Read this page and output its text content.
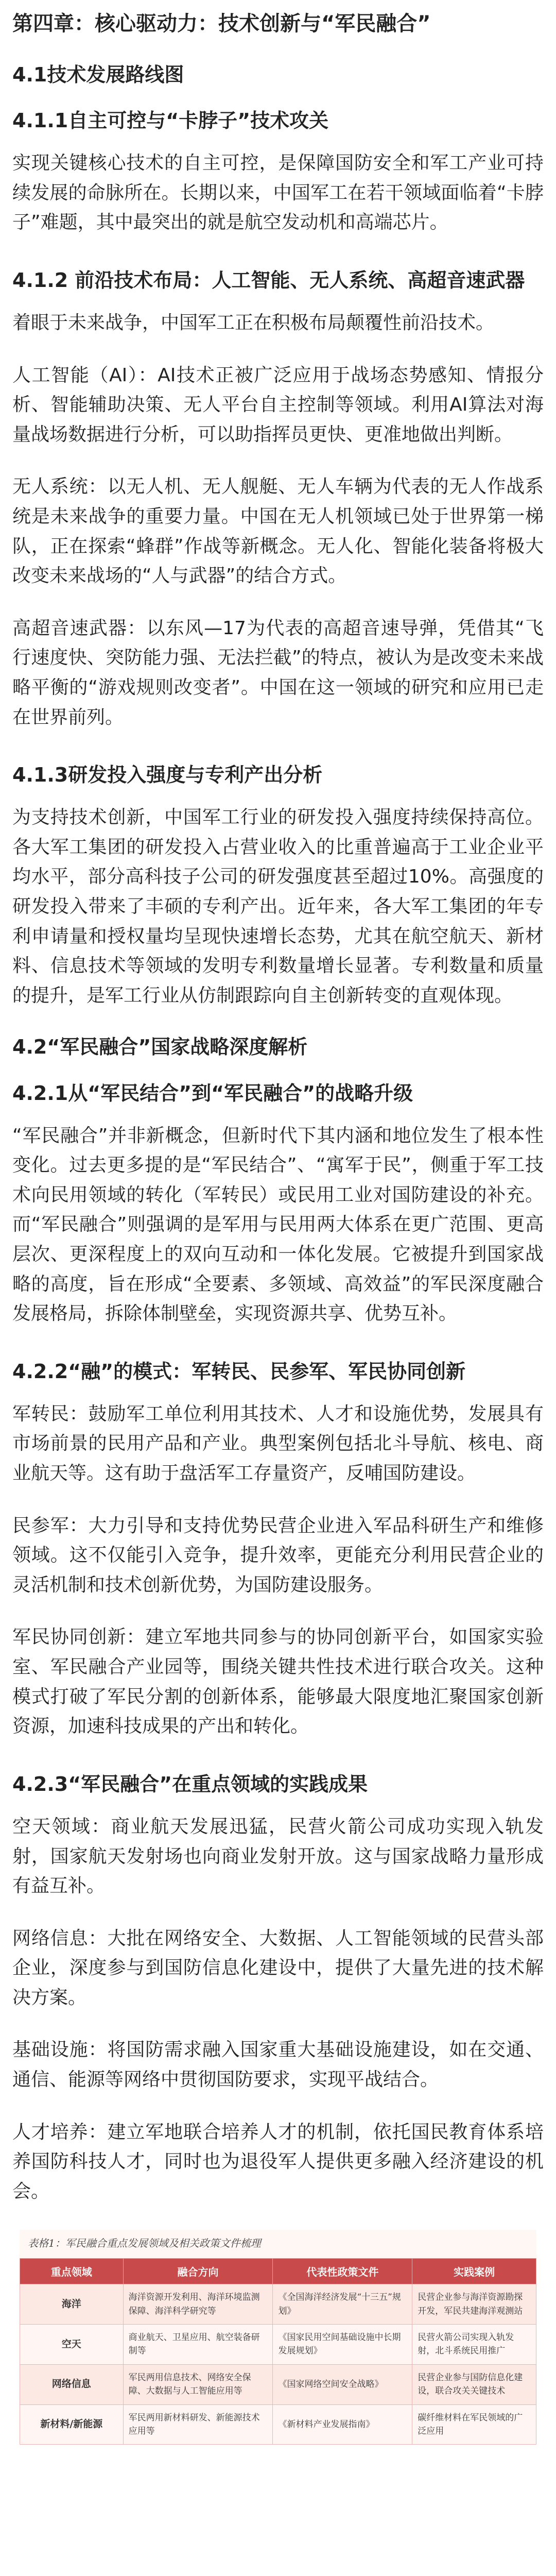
第四章：核心驱动力：技术创新与“军民融合”
4.1技术发展路线图
4.1.1自主可控与“卡脖子”技术攻关

实现关键核心技术的自主可控，是保障国防安全和军工产业可持续发展的命脉所在。长期以来，中国军工在若干领域面临着“卡脖子”难题，其中最突出的就是航空发动机和高端芯片。

4.1.2 前沿技术布局：人工智能、无人系统、高超音速武器

着眼于未来战争，中国军工正在积极布局颠覆性前沿技术。

人工智能（AI）：AI技术正被广泛应用于战场态势感知、情报分析、智能辅助决策、无人平台自主控制等领域。利用AI算法对海量战场数据进行分析，可以助指挥员更快、更准地做出判断。

无人系统：以无人机、无人舰艇、无人车辆为代表的无人作战系统是未来战争的重要力量。中国在无人机领域已处于世界第一梯队，正在探索“蜂群”作战等新概念。无人化、智能化装备将极大改变未来战场的“人与武器”的结合方式。

高超音速武器：以东风—17为代表的高超音速导弹，凭借其“飞行速度快、突防能力强、无法拦截”的特点，被认为是改变未来战略平衡的“游戏规则改变者”。中国在这一领域的研究和应用已走在世界前列。

4.1.3研发投入强度与专利产出分析

为支持技术创新，中国军工行业的研发投入强度持续保持高位。各大军工集团的研发投入占营业收入的比重普遍高于工业企业平均水平，部分高科技子公司的研发强度甚至超过10%。高强度的研发投入带来了丰硕的专利产出。近年来，各大军工集团的年专利申请量和授权量均呈现快速增长态势，尤其在航空航天、新材料、信息技术等领域的发明专利数量增长显著。专利数量和质量的提升，是军工行业从仿制跟踪向自主创新转变的直观体现。

4.2“军民融合”国家战略深度解析
4.2.1从“军民结合”到“军民融合”的战略升级

“军民融合”并非新概念，但新时代下其内涵和地位发生了根本性变化。过去更多提的是“军民结合”、“寓军于民”，侧重于军工技术向民用领域的转化（军转民）或民用工业对国防建设的补充。而“军民融合”则强调的是军用与民用两大体系在更广范围、更高层次、更深程度上的双向互动和一体化发展。它被提升到国家战略的高度，旨在形成“全要素、多领域、高效益”的军民深度融合发展格局，拆除体制壁垒，实现资源共享、优势互补。

4.2.2“融”的模式：军转民、民参军、军民协同创新

军转民：鼓励军工单位利用其技术、人才和设施优势，发展具有市场前景的民用产品和产业。典型案例包括北斗导航、核电、商业航天等。这有助于盘活军工存量资产，反哺国防建设。

民参军：大力引导和支持优势民营企业进入军品科研生产和维修领域。这不仅能引入竞争，提升效率，更能充分利用民营企业的灵活机制和技术创新优势，为国防建设服务。

军民协同创新：建立军地共同参与的协同创新平台，如国家实验室、军民融合产业园等，围绕关键共性技术进行联合攻关。这种模式打破了军民分割的创新体系，能够最大限度地汇聚国家创新资源，加速科技成果的产出和转化。

4.2.3“军民融合”在重点领域的实践成果

空天领域：商业航天发展迅猛，民营火箭公司成功实现入轨发射，国家航天发射场也向商业发射开放。这与国家战略力量形成有益互补。

网络信息：大批在网络安全、大数据、人工智能领域的民营头部企业，深度参与到国防信息化建设中，提供了大量先进的技术解决方案。

基础设施：将国防需求融入国家重大基础设施建设，如在交通、通信、能源等网络中贯彻国防要求，实现平战结合。

人才培养：建立军地联合培养人才的机制，依托国民教育体系培养国防科技人才，同时也为退役军人提供更多融入经济建设的机会。

表格1：军民融合重点发展领域及相关政策文件梳理
重点领域	融合方向	代表性政策文件	实践案例
海洋	海洋资源开发利用、海洋环境监测保障、海洋科学研究等	《全国海洋经济发展“十三五”规划》	民营企业参与海洋资源勘探开发，军民共建海洋观测站
空天	商业航天、卫星应用、航空装备研制等	《国家民用空间基础设施中长期发展规划》	民营火箭公司实现入轨发射，北斗系统民用推广
网络信息	军民两用信息技术、网络安全保障、大数据与人工智能应用等	《国家网络空间安全战略》	民营企业参与国防信息化建设，联合攻关关键技术
新材料/新能源	军民两用新材料研发、新能源技术应用等	《新材料产业发展指南》	碳纤维材料在军民领域的广泛应用
